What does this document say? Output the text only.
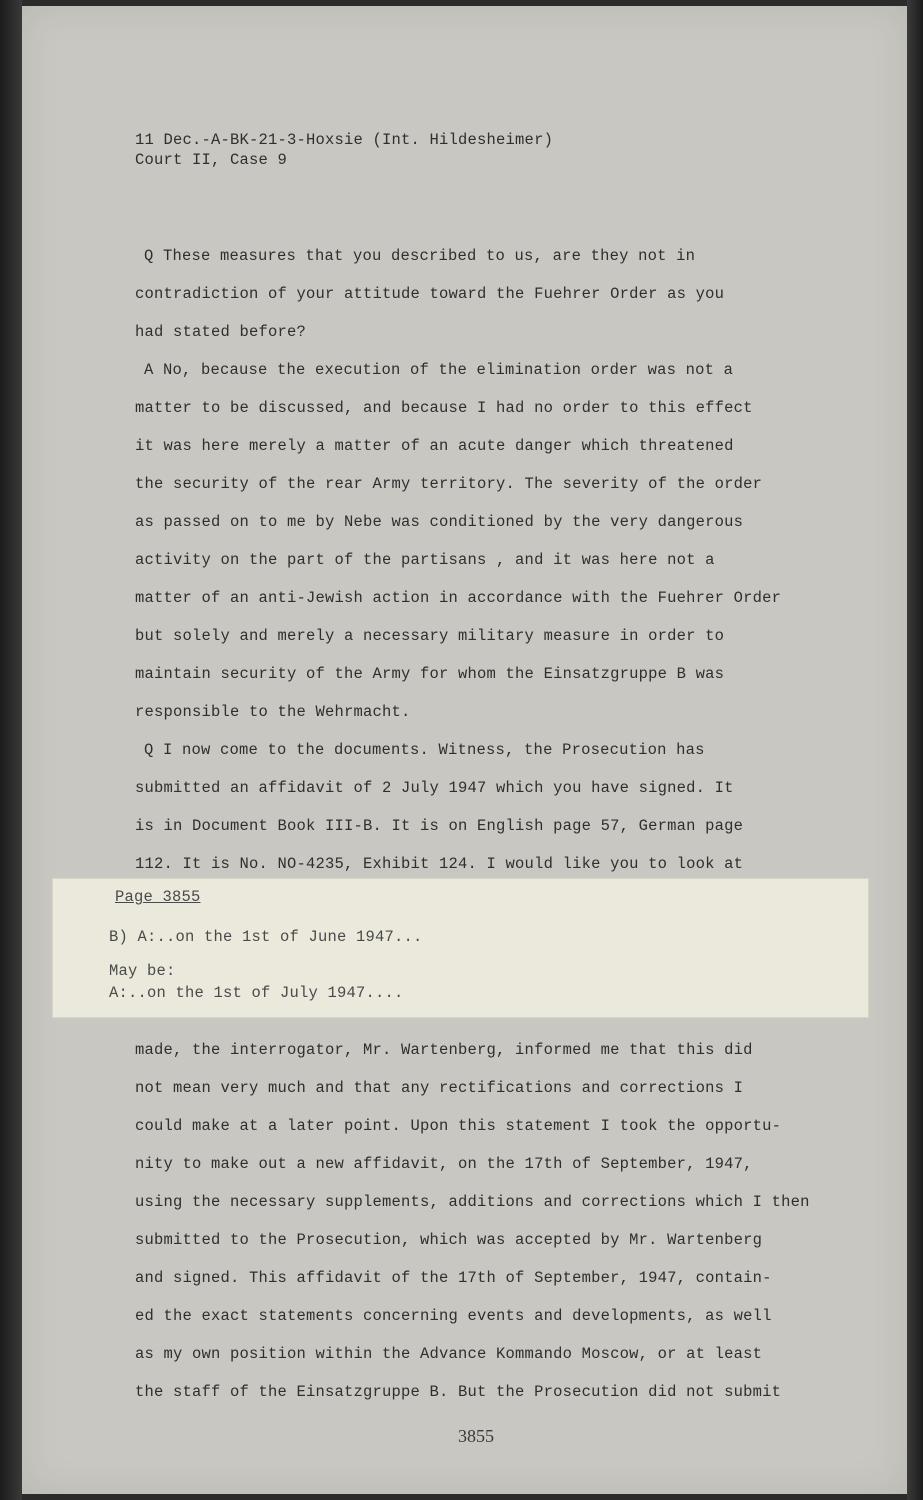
11 Dec.-A-BK-21-3-Hoxsie (Int. Hildesheimer)
Court II, Case 9
Q These measures that you described to us, are they not in
contradiction of your attitude toward the Fuehrer Order as you
had stated before?
A No, because the execution of the elimination order was not a
matter to be discussed, and because I had no order to this effect
it was here merely a matter of an acute danger which threatened
the security of the rear Army territory. The severity of the order
as passed on to me by Nebe was conditioned by the very dangerous
activity on the part of the partisans , and it was here not a
matter of an anti-Jewish action in accordance with the Fuehrer Order
but solely and merely a necessary military measure in order to
maintain security of the Army for whom the Einsatzgruppe B was
responsible to the Wehrmacht.
Q I now come to the documents. Witness, the Prosecution has
submitted an affidavit of 2 July 1947 which you have signed. It
is in Document Book III-B. It is on English page 57, German page
112. It is No. NO-4235, Exhibit 124. I would like you to look at
made, the interrogator, Mr. Wartenberg, informed me that this did
not mean very much and that any rectifications and corrections I
could make at a later point. Upon this statement I took the opportu-
nity to make out a new affidavit, on the 17th of September, 1947,
using the necessary supplements, additions and corrections which I then
submitted to the Prosecution, which was accepted by Mr. Wartenberg
and signed. This affidavit of the 17th of September, 1947, contain-
ed the exact statements concerning events and developments, as well
as my own position within the Advance Kommando Moscow, or at least
the staff of the Einsatzgruppe B. But the Prosecution did not submit
3855
Page 3855
B) A:..on the 1st of June 1947...
May be:
A:..on the 1st of July 1947....
